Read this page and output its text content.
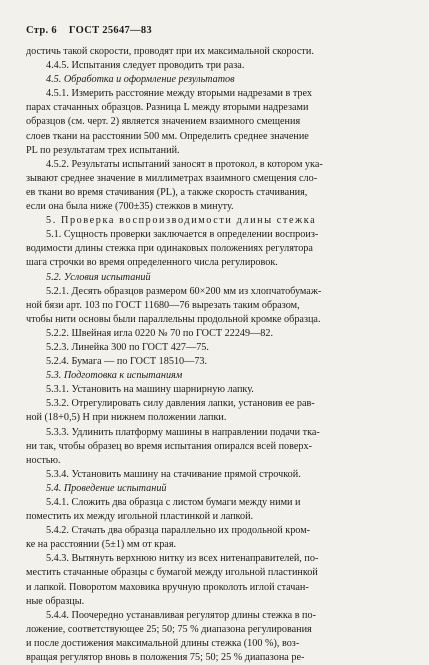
Стр. 6 ГОСТ 25647—83

достичь такой скорости, проводят при их максимальной скорости.

4.4.5. Испытания следует проводить три раза.

4.5. Обработка и оформление результатов

4.5.1. Измерить расстояние между вторыми надрезами в трех

парах стачанных образцов. Разница L между вторыми надрезами

образцов (см. черт. 2) является значением взаимного смещения

слоев ткани на расстоянии 500 мм. Определить среднее значение

PL по результатам трех испытаний.

4.5.2. Результаты испытаний заносят в протокол, в котором ука-

зывают среднее значение в миллиметрах взаимного смещения сло-

ев ткани во время стачивания (PL), а также скорость стачивания,

если она была ниже (700±35) стежков в минуту.

5. Проверка воспроизводимости длины стежка

5.1. Сущность проверки заключается в определении воспроиз-

водимости длины стежка при одинаковых положениях регулятора

шага строчки во время определенного числа регулировок.

5.2. Условия испытаний

5.2.1. Десять образцов размером 60×200 мм из хлопчатобумаж-

ной бязи арт. 103 по ГОСТ 11680—76 вырезать таким образом,

чтобы нити основы были параллельны продольной кромке образца.

5.2.2. Швейная игла 0220 № 70 по ГОСТ 22249—82.

5.2.3. Линейка 300 по ГОСТ 427—75.

5.2.4. Бумага — по ГОСТ 18510—73.

5.3. Подготовка к испытаниям

5.3.1. Установить на машину шарнирную лапку.

5.3.2. Отрегулировать силу давления лапки, установив ее рав-

ной (18+0,5) Н при нижнем положении лапки.

5.3.3. Удлинить платформу машины в направлении подачи тка-

ни так, чтобы образец во время испытания опирался всей поверх-

ностью.

5.3.4. Установить машину на стачивание прямой строчкой.

5.4. Проведение испытаний

5.4.1. Сложить два образца с листом бумаги между ними и

поместить их между игольной пластинкой и лапкой.

5.4.2. Стачать два образца параллельно их продольной кром-

ке на расстоянии (5±1) мм от края.

5.4.3. Вытянуть верхнюю нитку из всех нитенаправителей, по-

местить стачанные образцы с бумагой между игольной пластинкой

и лапкой. Поворотом маховика вручную проколоть иглой стачан-

ные образцы.

5.4.4. Поочередно устанавливая регулятор длины стежка в по-

ложение, соответствующее 25; 50; 75 % диапазона регулирования

и после достижения максимальной длины стежка (100 %), воз-

вращая регулятор вновь в положения 75; 50; 25 % диапазона ре-
